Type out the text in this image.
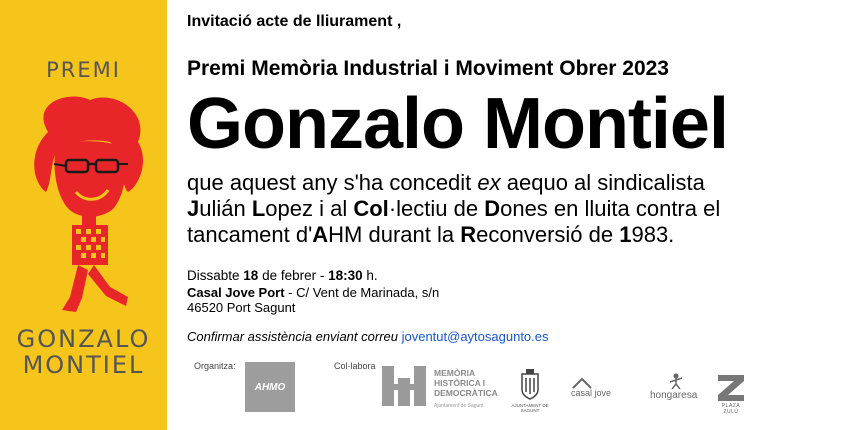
PREMI
GONZALO
MONTIEL
Invitació acte de lliurament ,
Premi Memòria Industrial i Moviment Obrer 2023
Gonzalo Montiel
que aquest any s'ha concedit ex aequo al sindicalista
Julián Lopez i al Col·lectiu de Dones en lluita contra el
tancament d'AHM durant la Reconversió de 1983.
Dissabte 18 de febrer - 18:30 h.
Casal Jove Port - C/ Vent de Marinada, s/n
46520 Port Sagunt
Confirmar assistència enviant correu joventut@aytosagunto.es
Organitza:
AHMO
Col·labora
MEMÒRIA
HISTÒRICA I
DEMOCRÀTICA
Ajuntament de Sagunt	AJUNTAMENT DE SAGUNT
casal jove	hongaresa
PLAZA ZULÚ
